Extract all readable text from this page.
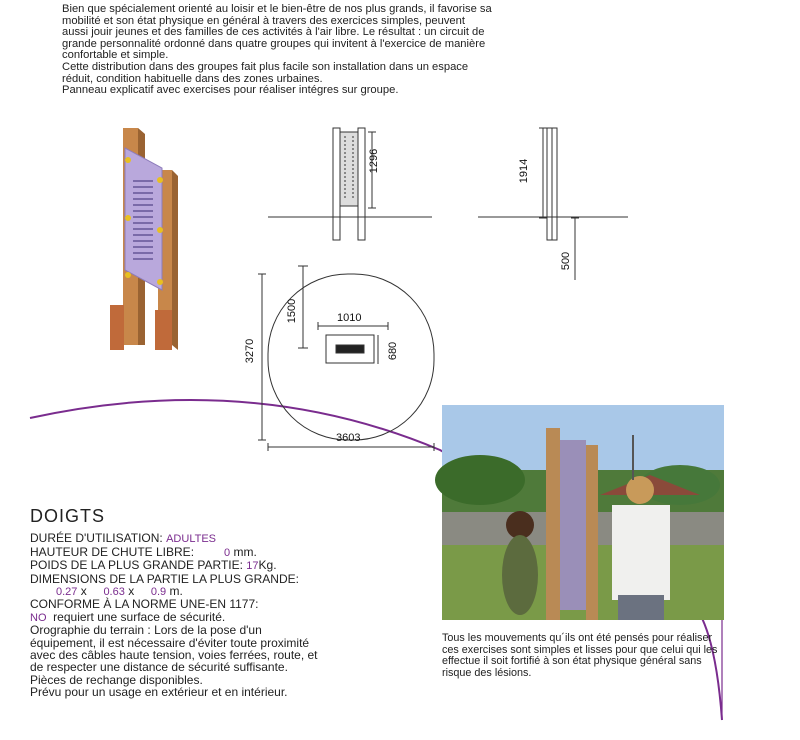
Bien que spécialement orienté au loisir et le bien-être de nos plus grands, il favorise sa mobilité et son état physique en général à travers des exercices simples, peuvent aussi jouir jeunes et des familles de ces activités à l'air libre. Le résultat : un circuit de grande personnalité ordonné dans quatre groupes qui invitent à l'exercice de manière confortable et simple.

Cette distribution dans des groupes fait plus facile son installation dans un espace réduit, condition habituelle dans des zones urbaines.

Panneau explicatif avec exercises pour réaliser intégres sur groupe.

1296	1914
500
1500	1010
680
3270
3603
DOIGTS
DURÉE D'UTILISATION: ADULTES
HAUTEUR DE CHUTE LIBRE:	0 mm.
POIDS DE LA PLUS GRANDE PARTIE: 17Kg.
DIMENSIONS DE LA PARTIE LA PLUS GRANDE:
0.27 x 0.63 x 0.9 m.
CONFORME À LA NORME UNE-EN 1177:
NO requiert une surface de sécurité.
Orographie du terrain : Lors de la pose d'un
équipement, il est nécessaire d'éviter toute proximité
avec des câbles haute tension, voies ferrées, route, et
de respecter une distance de sécurité suffisante.
Pièces de rechange disponibles.
Prévu pour un usage en extérieur et en intérieur.
Tous les mouvements qu´ils ont été pensés pour réaliser ces exercises sont simples et lisses pour que celui qui les effectue il soit fortifié à son état physique général sans risque des lésions.
